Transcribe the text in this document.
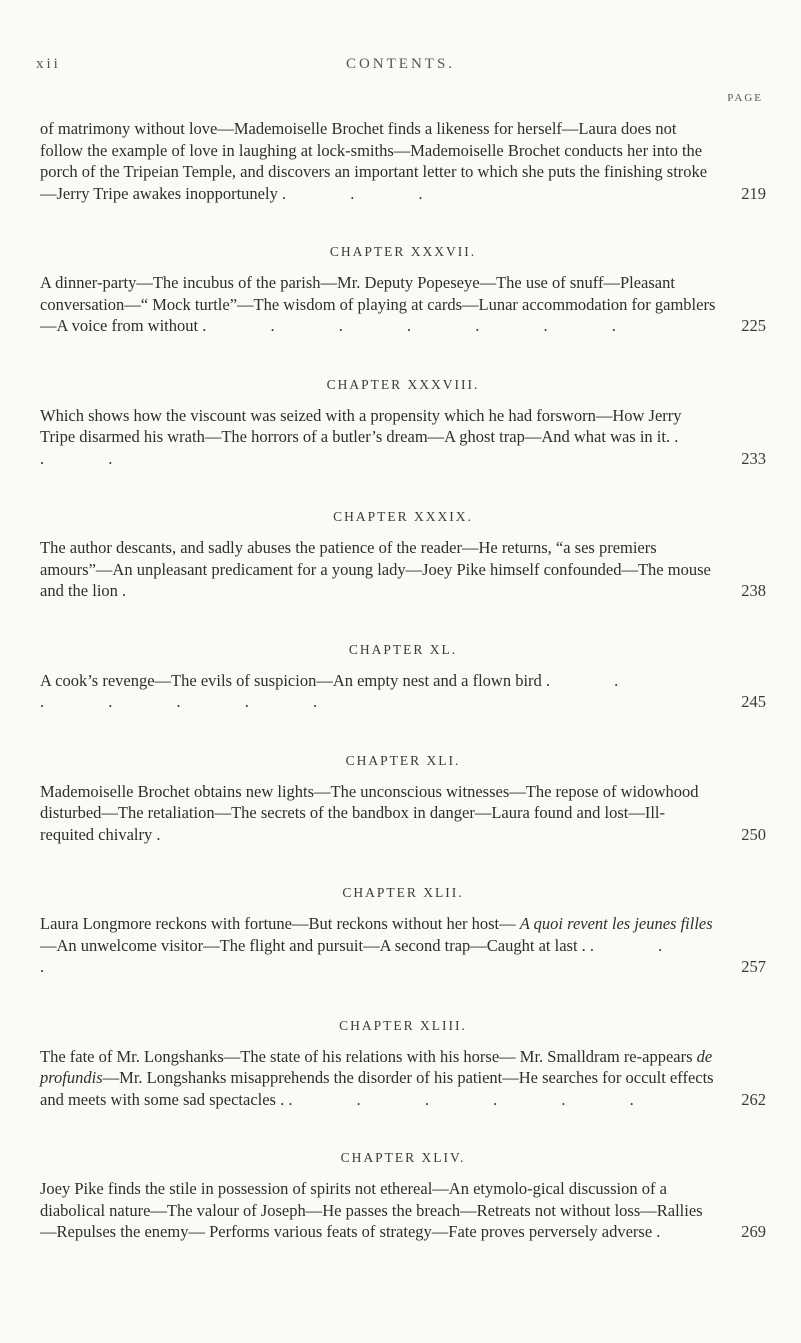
xii	CONTENTS.
PAGE
of matrimony without love—Mademoiselle Brochet finds a likeness for herself—Laura does not follow the example of love in laughing at lock-smiths—Mademoiselle Brochet conducts her into the porch of the Tripeian Temple, and discovers an important letter to which she puts the finishing stroke—Jerry Tripe awakes inopportunely . . .	219
CHAPTER XXXVII.
A dinner-party—The incubus of the parish—Mr. Deputy Popeseye—The use of snuff—Pleasant conversation—“ Mock turtle”—The wisdom of playing at cards—Lunar accommodation for gamblers—A voice from without . . . . . . .	225
CHAPTER XXXVIII.
Which shows how the viscount was seized with a propensity which he had forsworn—How Jerry Tripe disarmed his wrath—The horrors of a butler’s dream—A ghost trap—And what was in it. . . .	233
CHAPTER XXXIX.
The author descants, and sadly abuses the patience of the reader—He returns, “a ses premiers amours”—An unpleasant predicament for a young lady—Joey Pike himself confounded—The mouse and the lion .	238
CHAPTER XL.
A cook’s revenge—The evils of suspicion—An empty nest and a flown bird . . . . . . .	245
CHAPTER XLI.
Mademoiselle Brochet obtains new lights—The unconscious witnesses—The repose of widowhood disturbed—The retaliation—The secrets of the bandbox in danger—Laura found and lost—Ill-requited chivalry .	250
CHAPTER XLII.
Laura Longmore reckons with fortune—But reckons without her host— A quoi revent les jeunes filles—An unwelcome visitor—The flight and pursuit—A second trap—Caught at last . . . .	257
CHAPTER XLIII.
The fate of Mr. Longshanks—The state of his relations with his horse— Mr. Smalldram re-appears de profundis—Mr. Longshanks misapprehends the disorder of his patient—He searches for occult effects and meets with some sad spectacles . . . . . . .	262
CHAPTER XLIV.
Joey Pike finds the stile in possession of spirits not ethereal—An etymolo-gical discussion of a diabolical nature—The valour of Joseph—He passes the breach—Retreats not without loss—Rallies—Repulses the enemy— Performs various feats of strategy—Fate proves perversely adverse .	269
